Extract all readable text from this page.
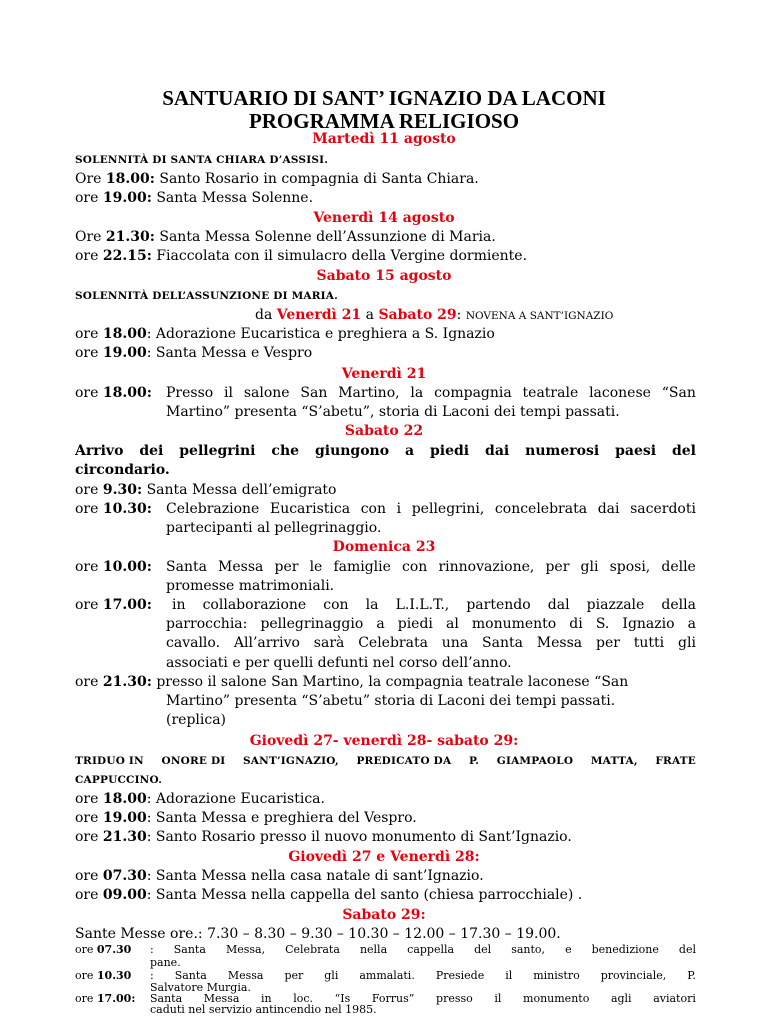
SANTUARIO DI SANT’ IGNAZIO DA LACONI
PROGRAMMA RELIGIOSO
Martedì 11 agosto
SOLENNITÀ DI SANTA CHIARA D’ASSISI.
Ore 18.00: Santo Rosario in compagnia di Santa Chiara.
ore 19.00: Santa Messa Solenne.
Venerdì 14 agosto
Ore 21.30: Santa Messa Solenne dell’Assunzione di Maria.
ore 22.15: Fiaccolata con il simulacro della Vergine dormiente.
Sabato 15 agosto
SOLENNITÀ DELL’ASSUNZIONE DI MARIA.
da Venerdì 21 a Sabato 29: NOVENA A SANT’IGNAZIO
ore 18.00: Adorazione Eucaristica e preghiera a S. Ignazio
ore 19.00: Santa Messa e Vespro
Venerdì 21
ore 18.00: Presso il salone San Martino, la compagnia teatrale laconese “San
Martino” presenta “S’abetu”, storia di Laconi dei tempi passati.
Sabato 22
Arrivo dei pellegrini che giungono a piedi dai numerosi paesi del
circondario.
ore 9.30: Santa Messa dell’emigrato
ore 10.30: Celebrazione Eucaristica con i pellegrini, concelebrata dai sacerdoti
partecipanti al pellegrinaggio.
Domenica 23
ore 10.00: Santa Messa per le famiglie con rinnovazione, per gli sposi, delle
promesse matrimoniali.
ore 17.00: in collaborazione con la L.I.L.T., partendo dal piazzale della
parrocchia: pellegrinaggio a piedi al monumento di S. Ignazio a
cavallo. All’arrivo sarà Celebrata una Santa Messa per tutti gli
associati e per quelli defunti nel corso dell’anno.
ore 21.30: presso il salone San Martino, la compagnia teatrale laconese “San
Martino” presenta “S’abetu” storia di Laconi dei tempi passati.
(replica)
Giovedì 27- venerdì 28- sabato 29:
TRIDUO IN ONORE DI SANT’IGNAZIO, PREDICATO DA P. GIAMPAOLO MATTA, FRATE
CAPPUCCINO.
ore 18.00: Adorazione Eucaristica.
ore 19.00: Santa Messa e preghiera del Vespro.
ore 21.30: Santo Rosario presso il nuovo monumento di Sant’Ignazio.
Giovedì 27 e Venerdì 28:
ore 07.30: Santa Messa nella casa natale di sant’Ignazio.
ore 09.00: Santa Messa nella cappella del santo (chiesa parrocchiale) .
Sabato 29:
Sante Messe ore.: 7.30 – 8.30 – 9.30 – 10.30 – 12.00 – 17.30 – 19.00.
ore 07.30 : Santa Messa, Celebrata nella cappella del santo, e benedizione del
pane.
ore 10.30 : Santa Messa per gli ammalati. Presiede il ministro provinciale, P.
Salvatore Murgia.
ore 17.00: Santa Messa in loc. “Is Forrus” presso il monumento agli aviatori
caduti nel servizio antincendio nel 1985.
